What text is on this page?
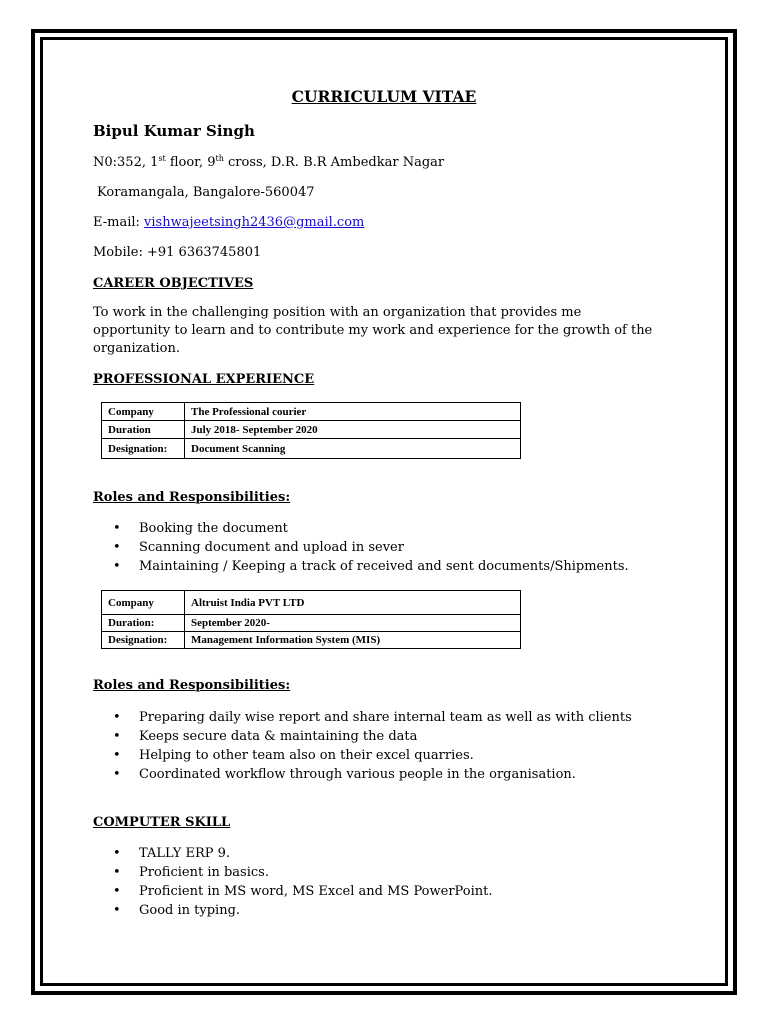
CURRICULUM VITAE
Bipul Kumar Singh
N0:352, 1st floor, 9th cross, D.R. B.R Ambedkar Nagar
Koramangala, Bangalore-560047
E-mail: vishwajeetsingh2436@gmail.com
Mobile: +91 6363745801
CAREER OBJECTIVES
To work in the challenging position with an organization that provides me opportunity to learn and to contribute my work and experience for the growth of the organization.
PROFESSIONAL EXPERIENCE
Company	The Professional courier
Duration	July 2018- September 2020
Designation:	Document Scanning
Roles and Responsibilities:
• Booking the document
• Scanning document and upload in sever
• Maintaining / Keeping a track of received and sent documents/Shipments.
Company	Altruist India PVT LTD
Duration:	September 2020-
Designation:	Management Information System (MIS)
Roles and Responsibilities:
• Preparing daily wise report and share internal team as well as with clients
• Keeps secure data & maintaining the data
• Helping to other team also on their excel quarries.
• Coordinated workflow through various people in the organisation.
COMPUTER SKILL
• TALLY ERP 9.
• Proficient in basics.
• Proficient in MS word, MS Excel and MS PowerPoint.
• Good in typing.
